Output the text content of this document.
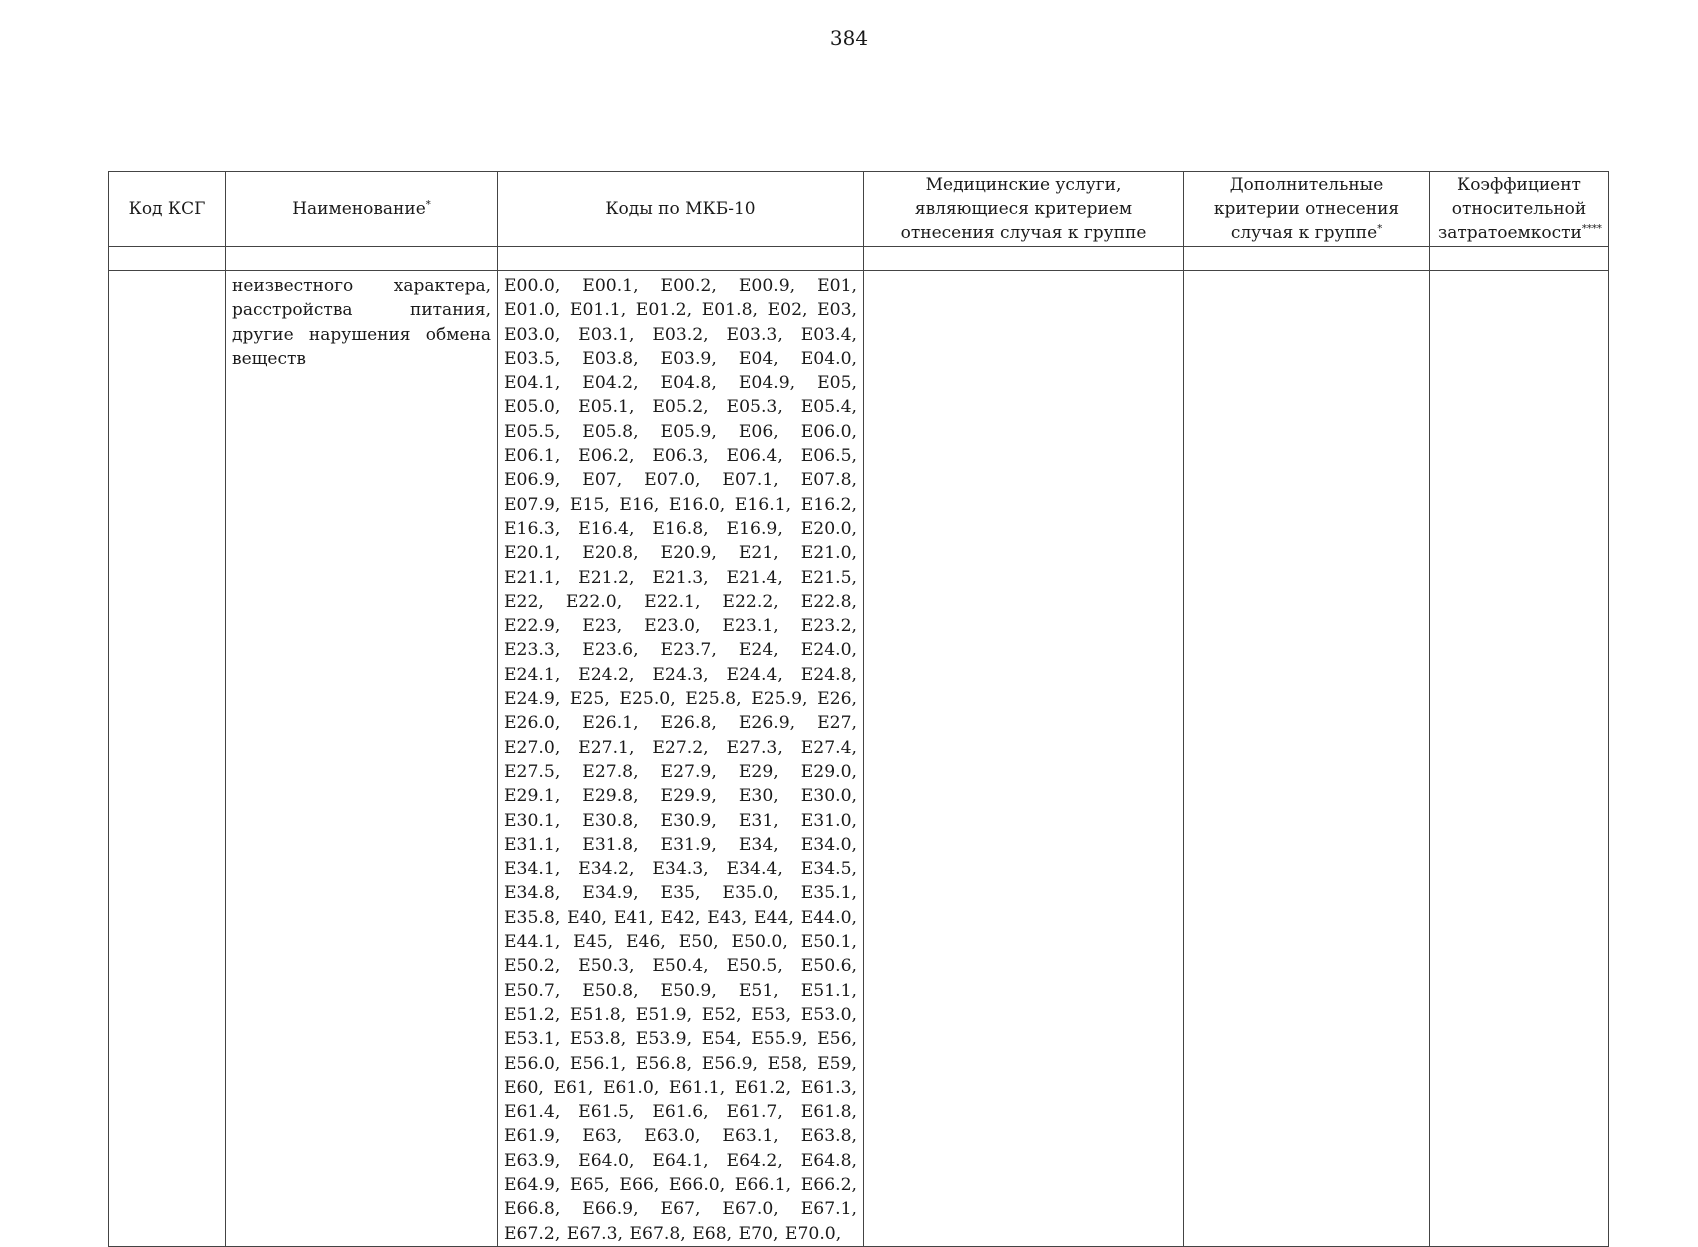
384
Код КСГ	Наименование*	Коды по МКБ-10	Медицинские услуги, являющиеся критерием отнесения случая к группе	Дополнительные критерии отнесения случая к группе*	Коэффициент относительной затратоемкости****

	неизвестного характера, расстройства питания, другие нарушения обмена веществ	E00.0, E00.1, E00.2, E00.9, E01, E01.0, E01.1, E01.2, E01.8, E02, E03, E03.0, E03.1, E03.2, E03.3, E03.4, E03.5, E03.8, E03.9, E04, E04.0, E04.1, E04.2, E04.8, E04.9, E05, E05.0, E05.1, E05.2, E05.3, E05.4, E05.5, E05.8, E05.9, E06, E06.0, E06.1, E06.2, E06.3, E06.4, E06.5, E06.9, E07, E07.0, E07.1, E07.8, E07.9, E15, E16, E16.0, E16.1, E16.2, E16.3, E16.4, E16.8, E16.9, E20.0, E20.1, E20.8, E20.9, E21, E21.0, E21.1, E21.2, E21.3, E21.4, E21.5, E22, E22.0, E22.1, E22.2, E22.8, E22.9, E23, E23.0, E23.1, E23.2, E23.3, E23.6, E23.7, E24, E24.0, E24.1, E24.2, E24.3, E24.4, E24.8, E24.9, E25, E25.0, E25.8, E25.9, E26, E26.0, E26.1, E26.8, E26.9, E27, E27.0, E27.1, E27.2, E27.3, E27.4, E27.5, E27.8, E27.9, E29, E29.0, E29.1, E29.8, E29.9, E30, E30.0, E30.1, E30.8, E30.9, E31, E31.0, E31.1, E31.8, E31.9, E34, E34.0, E34.1, E34.2, E34.3, E34.4, E34.5, E34.8, E34.9, E35, E35.0, E35.1, E35.8, E40, E41, E42, E43, E44, E44.0, E44.1, E45, E46, E50, E50.0, E50.1, E50.2, E50.3, E50.4, E50.5, E50.6, E50.7, E50.8, E50.9, E51, E51.1, E51.2, E51.8, E51.9, E52, E53, E53.0, E53.1, E53.8, E53.9, E54, E55.9, E56, E56.0, E56.1, E56.8, E56.9, E58, E59, E60, E61, E61.0, E61.1, E61.2, E61.3, E61.4, E61.5, E61.6, E61.7, E61.8, E61.9, E63, E63.0, E63.1, E63.8, E63.9, E64.0, E64.1, E64.2, E64.8, E64.9, E65, E66, E66.0, E66.1, E66.2, E66.8, E66.9, E67, E67.0, E67.1, E67.2, E67.3, E67.8, E68, E70, E70.0,			
